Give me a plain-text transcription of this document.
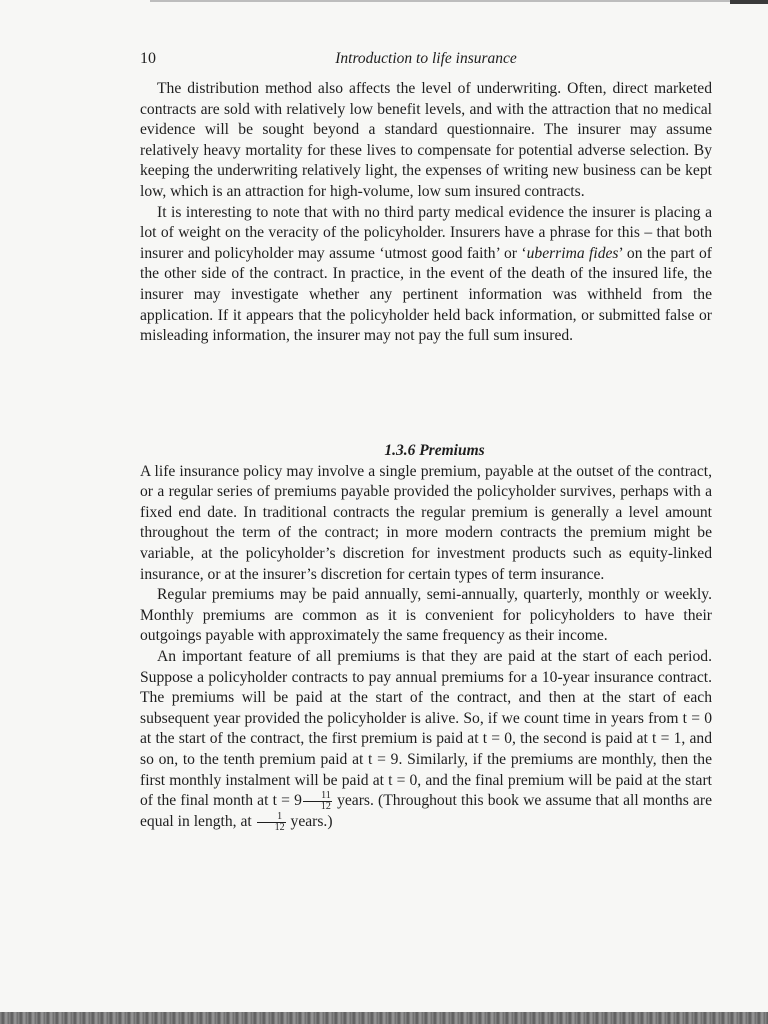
10	Introduction to life insurance

The distribution method also affects the level of underwriting. Often, direct marketed contracts are sold with relatively low benefit levels, and with the attraction that no medical evidence will be sought beyond a standard questionnaire. The insurer may assume relatively heavy mortality for these lives to compensate for potential adverse selection. By keeping the underwriting relatively light, the expenses of writing new business can be kept low, which is an attraction for high-volume, low sum insured contracts.

It is interesting to note that with no third party medical evidence the insurer is placing a lot of weight on the veracity of the policyholder. Insurers have a phrase for this – that both insurer and policyholder may assume ‘utmost good faith’ or ‘uberrima fides’ on the part of the other side of the contract. In practice, in the event of the death of the insured life, the insurer may investigate whether any pertinent information was withheld from the application. If it appears that the policyholder held back information, or submitted false or misleading information, the insurer may not pay the full sum insured.

1.3.6 Premiums

A life insurance policy may involve a single premium, payable at the outset of the contract, or a regular series of premiums payable provided the policyholder survives, perhaps with a fixed end date. In traditional contracts the regular premium is generally a level amount throughout the term of the contract; in more modern contracts the premium might be variable, at the policyholder’s discretion for investment products such as equity-linked insurance, or at the insurer’s discretion for certain types of term insurance.

Regular premiums may be paid annually, semi-annually, quarterly, monthly or weekly. Monthly premiums are common as it is convenient for policyholders to have their outgoings payable with approximately the same frequency as their income.

An important feature of all premiums is that they are paid at the start of each period. Suppose a policyholder contracts to pay annual premiums for a 10-year insurance contract. The premiums will be paid at the start of the contract, and then at the start of each subsequent year provided the policyholder is alive. So, if we count time in years from t = 0 at the start of the contract, the first premium is paid at t = 0, the second is paid at t = 1, and so on, to the tenth premium paid at t = 9. Similarly, if the premiums are monthly, then the first monthly instalment will be paid at t = 0, and the final premium will be paid at the start of the final month at $t = 9 \frac{11}{12}$ years. (Throughout this book we assume that all months are equal in length, at $\frac{1}{12}$ years.)
